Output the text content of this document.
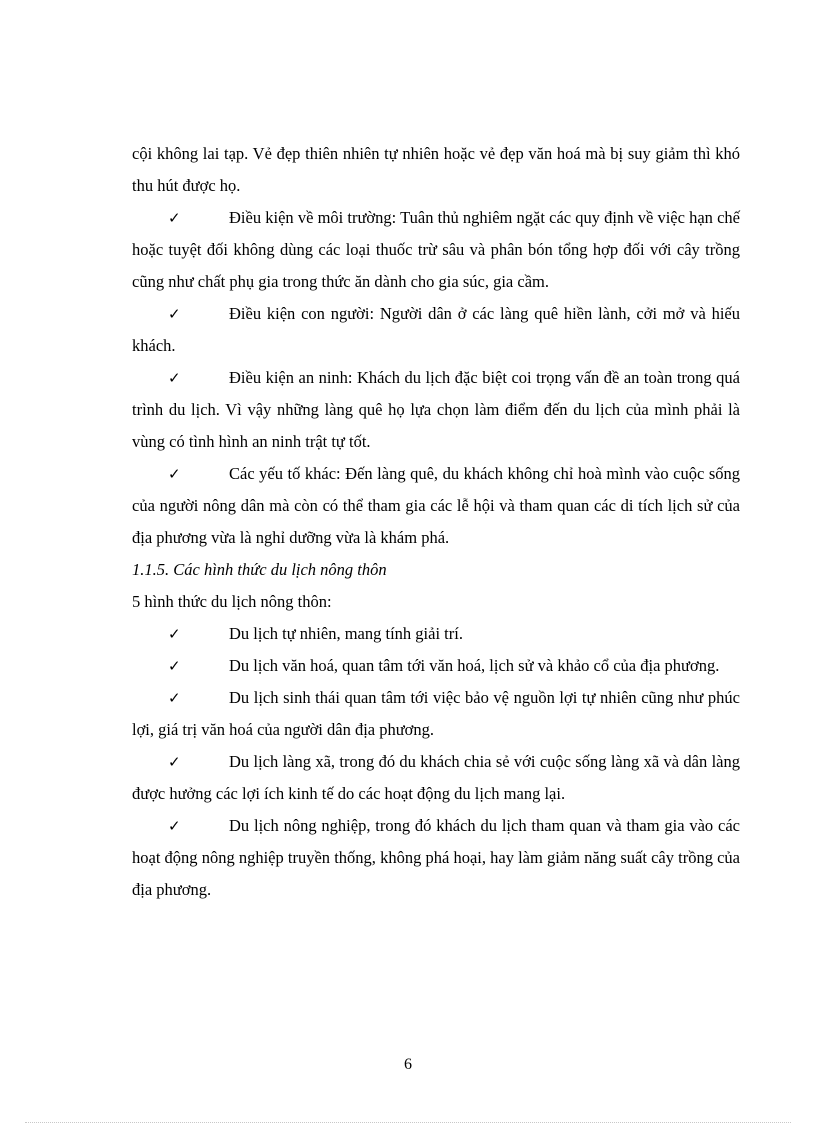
cội không lai tạp. Vẻ đẹp thiên nhiên tự nhiên hoặc vẻ đẹp văn hoá mà bị suy giảm thì khó thu hút được họ.

✓	Điều kiện về môi trường: Tuân thủ nghiêm ngặt các quy định về việc hạn chế hoặc tuyệt đối không dùng các loại thuốc trừ sâu và phân bón tổng hợp đối với cây trồng cũng như chất phụ gia trong thức ăn dành cho gia súc, gia cầm.

✓	Điều kiện con người: Người dân ở các làng quê hiền lành, cởi mở và hiếu khách.

✓	Điều kiện an ninh: Khách du lịch đặc biệt coi trọng vấn đề an toàn trong quá trình du lịch. Vì vậy những làng quê họ lựa chọn làm điểm đến du lịch của mình phải là vùng có tình hình an ninh trật tự tốt.

✓	Các yếu tố khác: Đến làng quê, du khách không chỉ hoà mình vào cuộc sống của người nông dân mà còn có thể tham gia các lễ hội và tham quan các di tích lịch sử của địa phương vừa là nghỉ dưỡng vừa là khám phá.

1.1.5. Các hình thức du lịch nông thôn

5 hình thức du lịch nông thôn:

✓	Du lịch tự nhiên, mang tính giải trí.

✓	Du lịch văn hoá, quan tâm tới văn hoá, lịch sử và khảo cổ của địa phương.

✓	Du lịch sinh thái quan tâm tới việc bảo vệ nguồn lợi tự nhiên cũng như phúc lợi, giá trị văn hoá của người dân địa phương.

✓	Du lịch làng xã, trong đó du khách chia sẻ với cuộc sống làng xã và dân làng được hưởng các lợi ích kinh tế do các hoạt động du lịch mang lại.

✓	Du lịch nông nghiệp, trong đó khách du lịch tham quan và tham gia vào các hoạt động nông nghiệp truyền thống, không phá hoại, hay làm giảm năng suất cây trồng của địa phương.

6
